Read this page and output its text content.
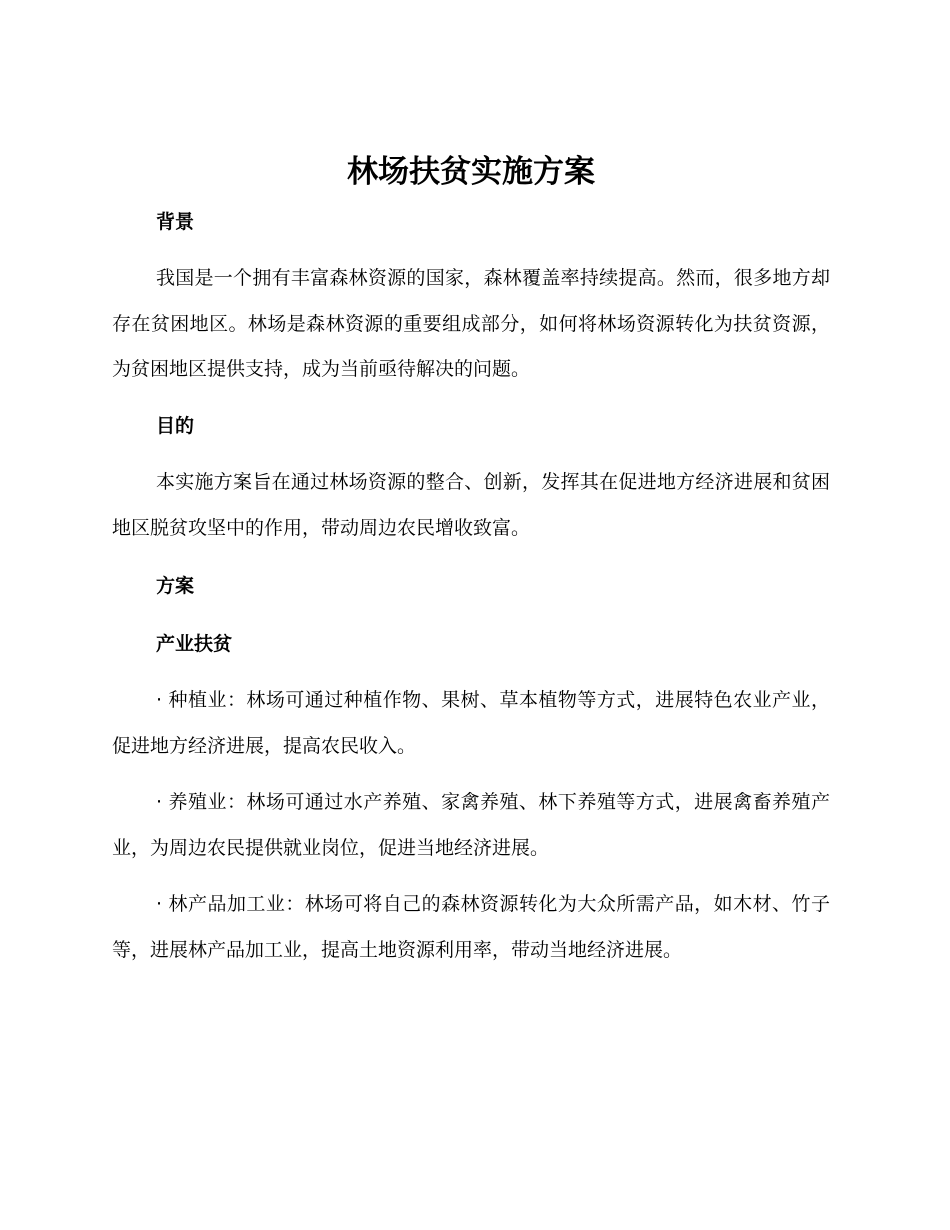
林场扶贫实施方案
背景

我国是一个拥有丰富森林资源的国家，森林覆盖率持续提高。然而，很多地方却存在贫困地区。林场是森林资源的重要组成部分，如何将林场资源转化为扶贫资源，为贫困地区提供支持，成为当前亟待解决的问题。

目的

本实施方案旨在通过林场资源的整合、创新，发挥其在促进地方经济进展和贫困地区脱贫攻坚中的作用，带动周边农民增收致富。

方案
产业扶贫

· 种植业：林场可通过种植作物、果树、草本植物等方式，进展特色农业产业，促进地方经济进展，提高农民收入。

· 养殖业：林场可通过水产养殖、家禽养殖、林下养殖等方式，进展禽畜养殖产业，为周边农民提供就业岗位，促进当地经济进展。

· 林产品加工业：林场可将自己的森林资源转化为大众所需产品，如木材、竹子等，进展林产品加工业，提高土地资源利用率，带动当地经济进展。
